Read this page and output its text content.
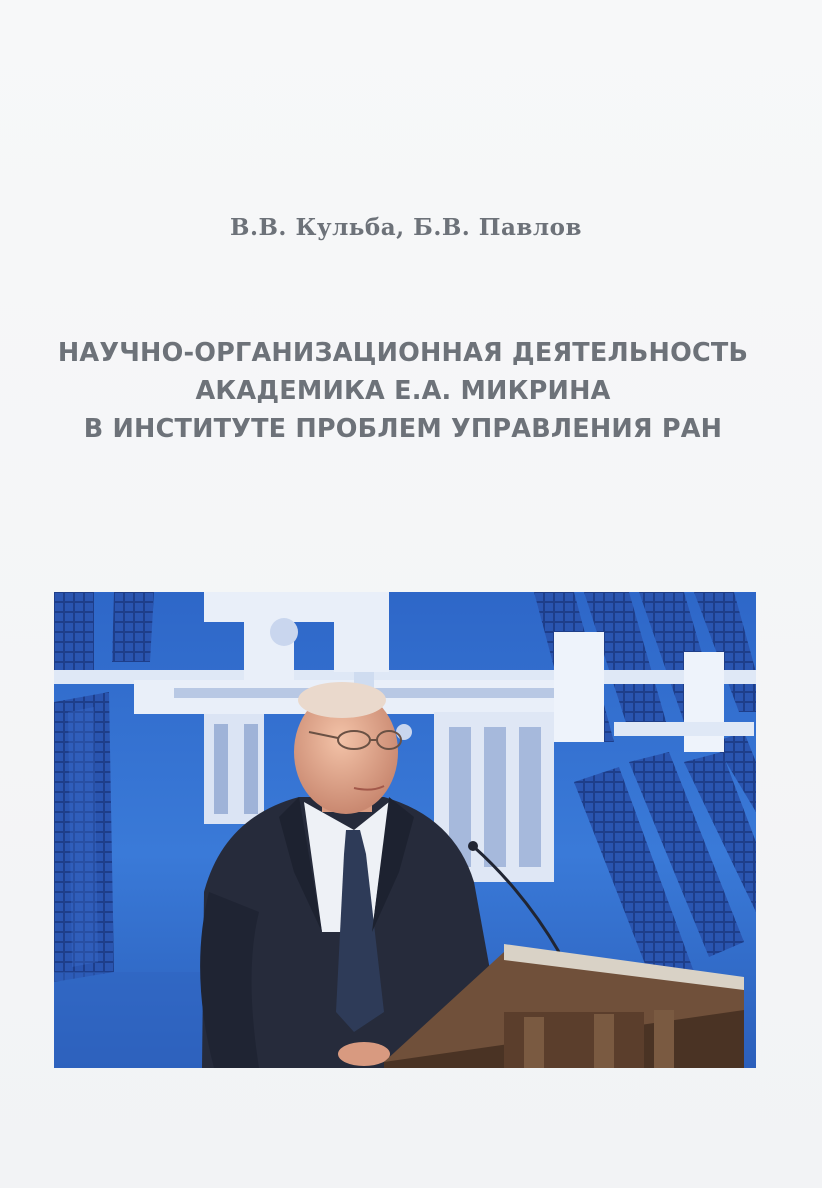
В.В. Кульба, Б.В. Павлов
НАУЧНО-ОРГАНИЗАЦИОННАЯ ДЕЯТЕЛЬНОСТЬ
АКАДЕМИКА Е.А. МИКРИНА
В ИНСТИТУТЕ ПРОБЛЕМ УПРАВЛЕНИЯ РАН
